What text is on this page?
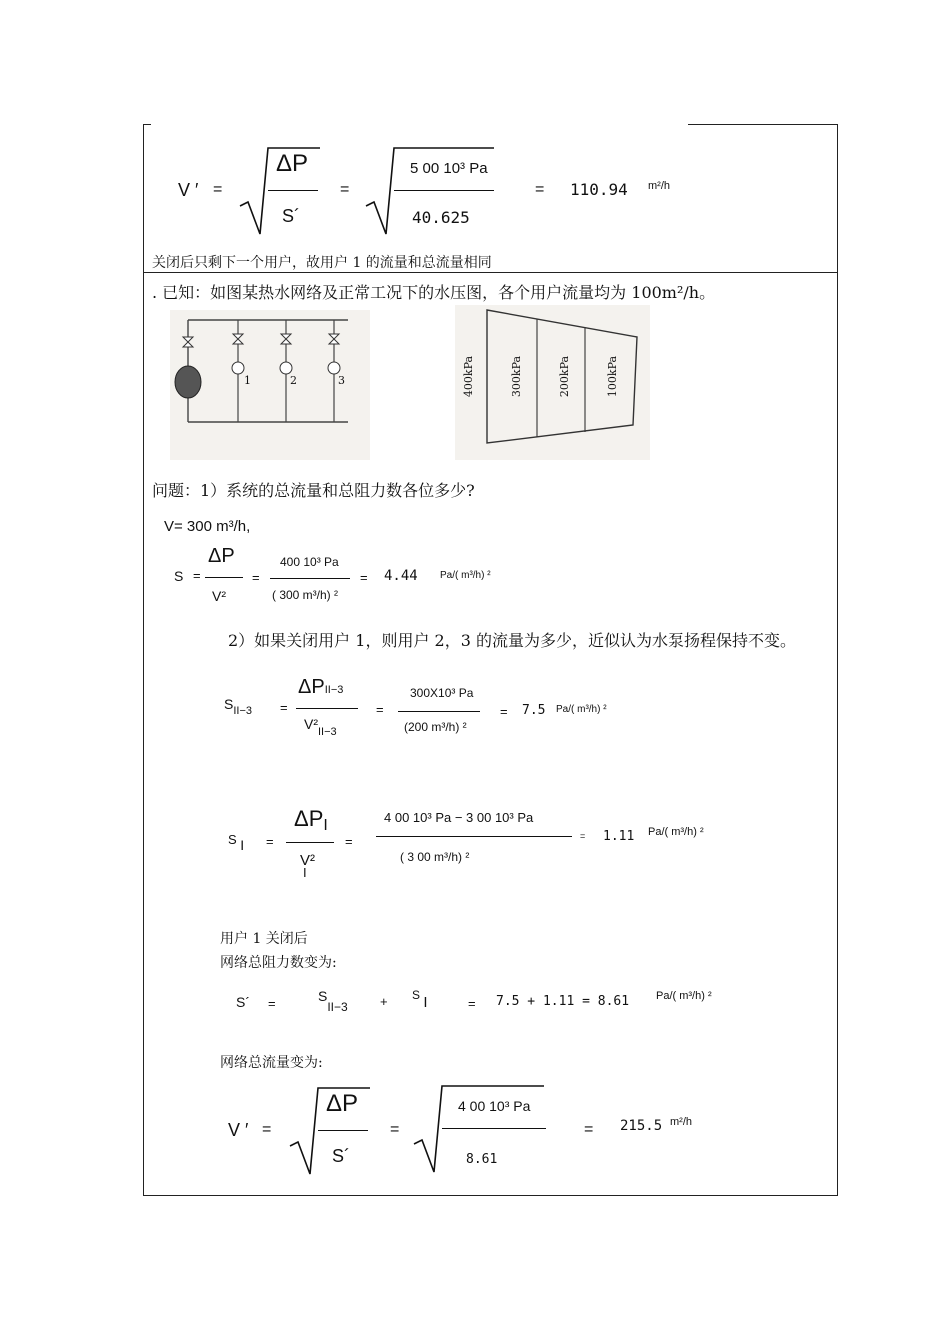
V ′ =
ΔP
S´
=
5 00 10³ Pa
40.625
= 110.94 m²/h
关闭后只剩下一个用户，故用户 1 的流量和总流量相同
. 已知：如图某热水网络及正常工况下的水压图，各个用户流量均为 100m²/h。
1	2	3	400kPa	300kPa	200kPa	100kPa
问题：1）系统的总流量和总阻力数各位多少?
V= 300 m³/h,
S =
ΔP
V²
=
400 10³ Pa
( 300 m³/h) ²
= 4.44 Pa/( m³/h) ²
2）如果关闭用户 1，则用户 2，3 的流量为多少，近似认为水泵扬程保持不变。
$S_{II-3}$ =
ΔPII−3
$V^2_{II-3}$
=
300X10³ Pa
(200 m³/h) ²
= 7.5 Pa/( m³/h) ²
S I =
ΔPI
V²I
=
4 00 10³ Pa − 3 00 10³ Pa
( 3 00 m³/h) ²
= 1.11 Pa/( m³/h) ²
用户 1 关闭后
网络总阻力数变为:
S´ =	SII−3 + S I	= 7.5 + 1.11 = 8.61 Pa/( m³/h) ²
网络总流量变为:
V ′ =
ΔP
S´
=
4 00 10³ Pa
8.61
= 215.5 m²/h
